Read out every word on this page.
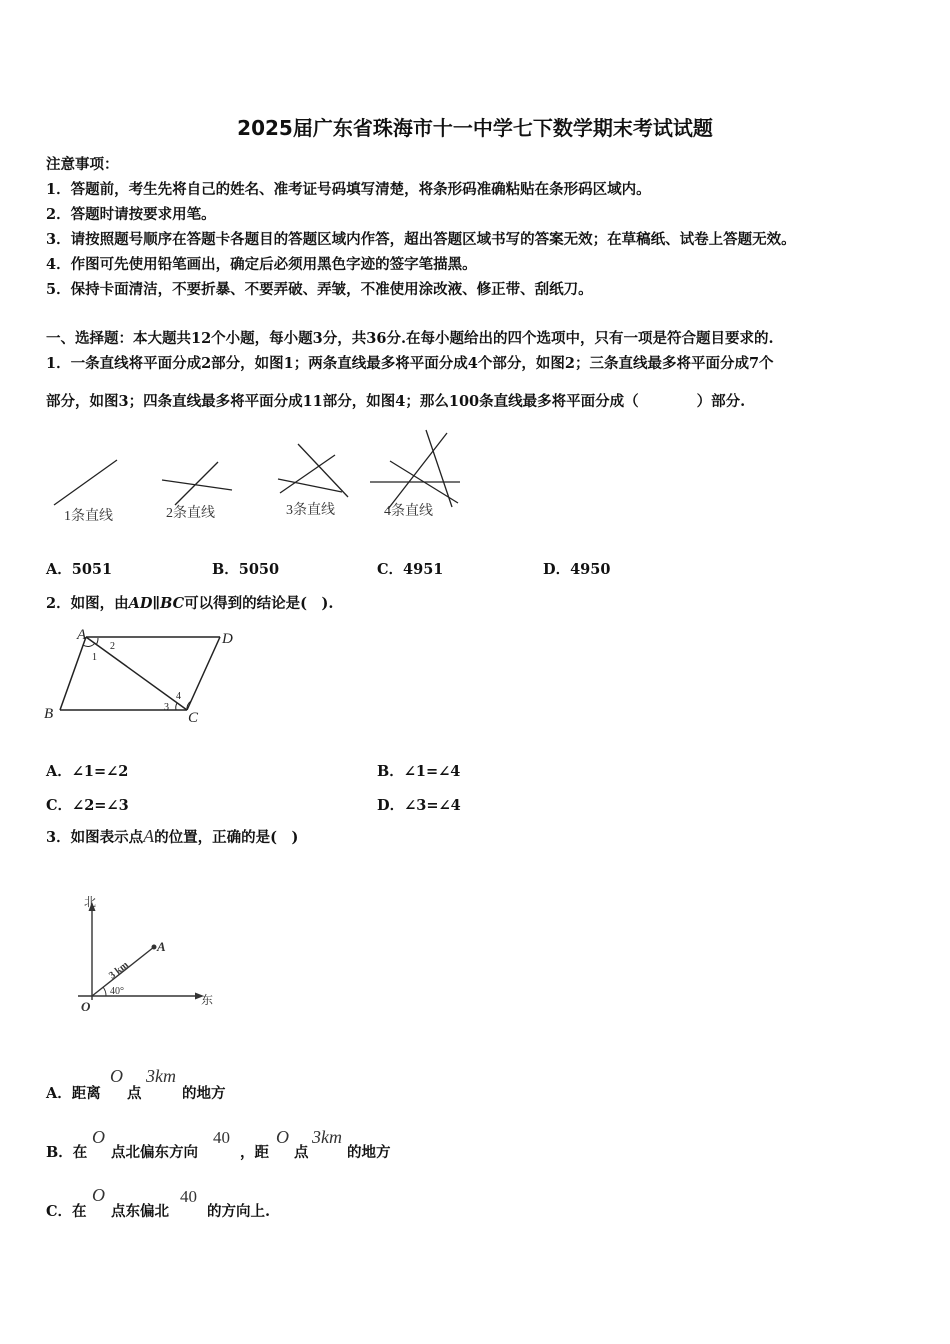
2025届广东省珠海市十一中学七下数学期末考试试题
注意事项：
1．答题前，考生先将自己的姓名、准考证号码填写清楚，将条形码准确粘贴在条形码区域内。
2．答题时请按要求用笔。
3．请按照题号顺序在答题卡各题目的答题区域内作答，超出答题区域书写的答案无效；在草稿纸、试卷上答题无效。
4．作图可先使用铅笔画出，确定后必须用黑色字迹的签字笔描黑。
5．保持卡面清洁，不要折暴、不要弄破、弄皱，不准使用涂改液、修正带、刮纸刀。
一、选择题：本大题共12个小题，每小题3分，共36分.在每小题给出的四个选项中，只有一项是符合题目要求的.
1．一条直线将平面分成2部分，如图1；两条直线最多将平面分成4个部分，如图2；三条直线最多将平面分成7个
部分，如图3；四条直线最多将平面分成11部分，如图4；那么100条直线最多将平面分成（　　　　）部分.
1条直线	2条直线	3条直线	4条直线
A．5051	B．5050	C．4951	D．4950
2．如图，由AD∥BC可以得到的结论是(　).
A	D
B	C
1
2
3
4
A．∠1=∠2	B．∠1=∠4
C．∠2=∠3	D．∠3=∠4
3．如图表示点A的位置，正确的是(　)
北
东
O
A
3 km
40°
A．距离
O
点
3km
的地方
B．在
O
点北偏东方向
40
，距
O
点
3km
的地方
C．在
O
点东偏北
40
的方向上.
